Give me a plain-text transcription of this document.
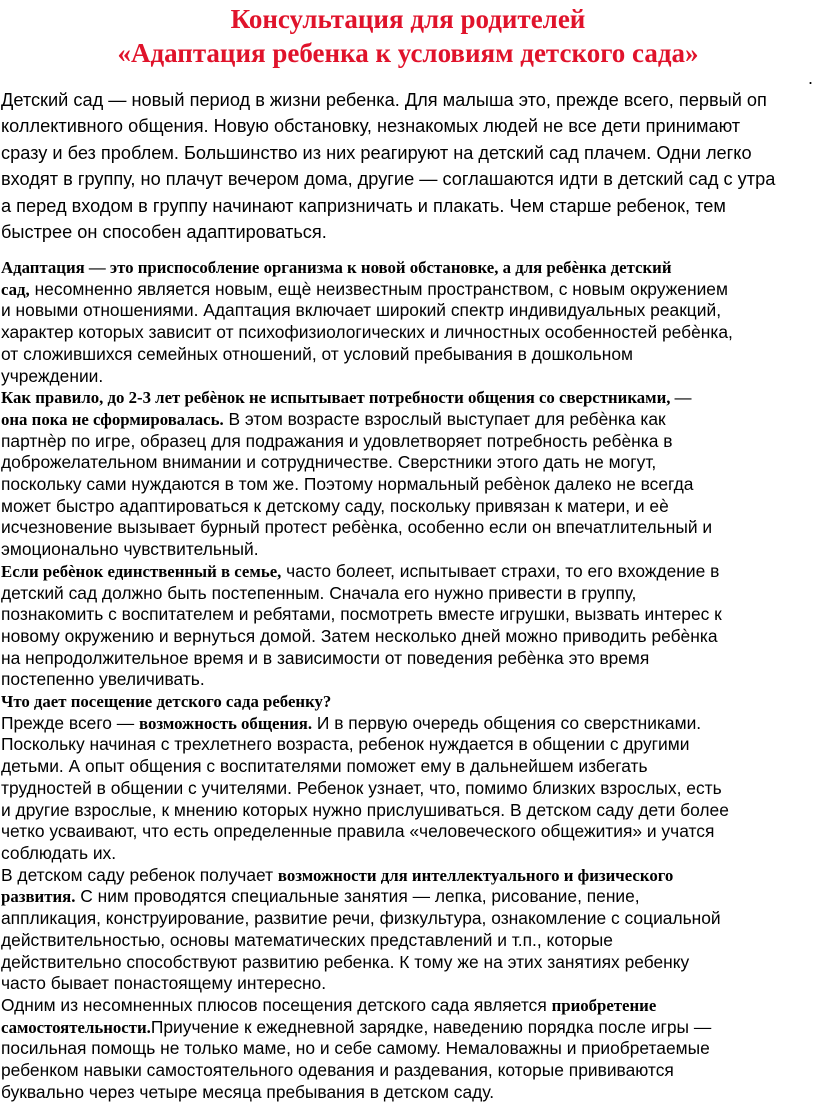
Консультация для родителей
«Адаптация ребенка к условиям детского сада»
.
Детский сад — новый период в жизни ребенка. Для малыша это, прежде всего, первый оп
коллективного общения. Новую обстановку, незнакомых людей не все дети принимают
сразу и без проблем. Большинство из них реагируют на детский сад плачем. Одни легко
входят в группу, но плачут вечером дома, другие — соглашаются идти в детский сад с утра
а перед входом в группу начинают капризничать и плакать. Чем старше ребенок, тем
быстрее он способен адаптироваться.
Адаптация — это приспособление организма к новой обстановке, а для ребѐнка детский
сад, несомненно является новым, ещѐ неизвестным пространством, с новым окружением
и новыми отношениями. Адаптация включает широкий спектр индивидуальных реакций,
характер которых зависит от психофизиологических и личностных особенностей ребѐнка,
от сложившихся семейных отношений, от условий пребывания в дошкольном
учреждении.
Как правило, до 2-3 лет ребѐнок не испытывает потребности общения со сверстниками, —
она пока не сформировалась. В этом возрасте взрослый выступает для ребѐнка как
партнѐр по игре, образец для подражания и удовлетворяет потребность ребѐнка в
доброжелательном внимании и сотрудничестве. Сверстники этого дать не могут,
поскольку сами нуждаются в том же. Поэтому нормальный ребѐнок далеко не всегда
может быстро адаптироваться к детскому саду, поскольку привязан к матери, и еѐ
исчезновение вызывает бурный протест ребѐнка, особенно если он впечатлительный и
эмоционально чувствительный.
Если ребѐнок единственный в семье, часто болеет, испытывает страхи, то его вхождение в
детский сад должно быть постепенным. Сначала его нужно привести в группу,
познакомить с воспитателем и ребятами, посмотреть вместе игрушки, вызвать интерес к
новому окружению и вернуться домой. Затем несколько дней можно приводить ребѐнка
на непродолжительное время и в зависимости от поведения ребѐнка это время
постепенно увеличивать.
Что дает посещение детского сада ребенку?
Прежде всего — возможность общения. И в первую очередь общения со сверстниками.
Поскольку начиная с трехлетнего возраста, ребенок нуждается в общении с другими
детьми. А опыт общения с воспитателями поможет ему в дальнейшем избегать
трудностей в общении с учителями. Ребенок узнает, что, помимо близких взрослых, есть
и другие взрослые, к мнению которых нужно прислушиваться. В детском саду дети более
четко усваивают, что есть определенные правила «человеческого общежития» и учатся
соблюдать их.
В детском саду ребенок получает возможности для интеллектуального и физического
развития. С ним проводятся специальные занятия — лепка, рисование, пение,
аппликация, конструирование, развитие речи, физкультура, ознакомление с социальной
действительностью, основы математических представлений и т.п., которые
действительно способствуют развитию ребенка. К тому же на этих занятиях ребенку
часто бывает понастоящему интересно.
Одним из несомненных плюсов посещения детского сада является приобретение
самостоятельности.Приучение к ежедневной зарядке, наведению порядка после игры —
посильная помощь не только маме, но и себе самому. Немаловажны и приобретаемые
ребенком навыки самостоятельного одевания и раздевания, которые прививаются
буквально через четыре месяца пребывания в детском саду.
